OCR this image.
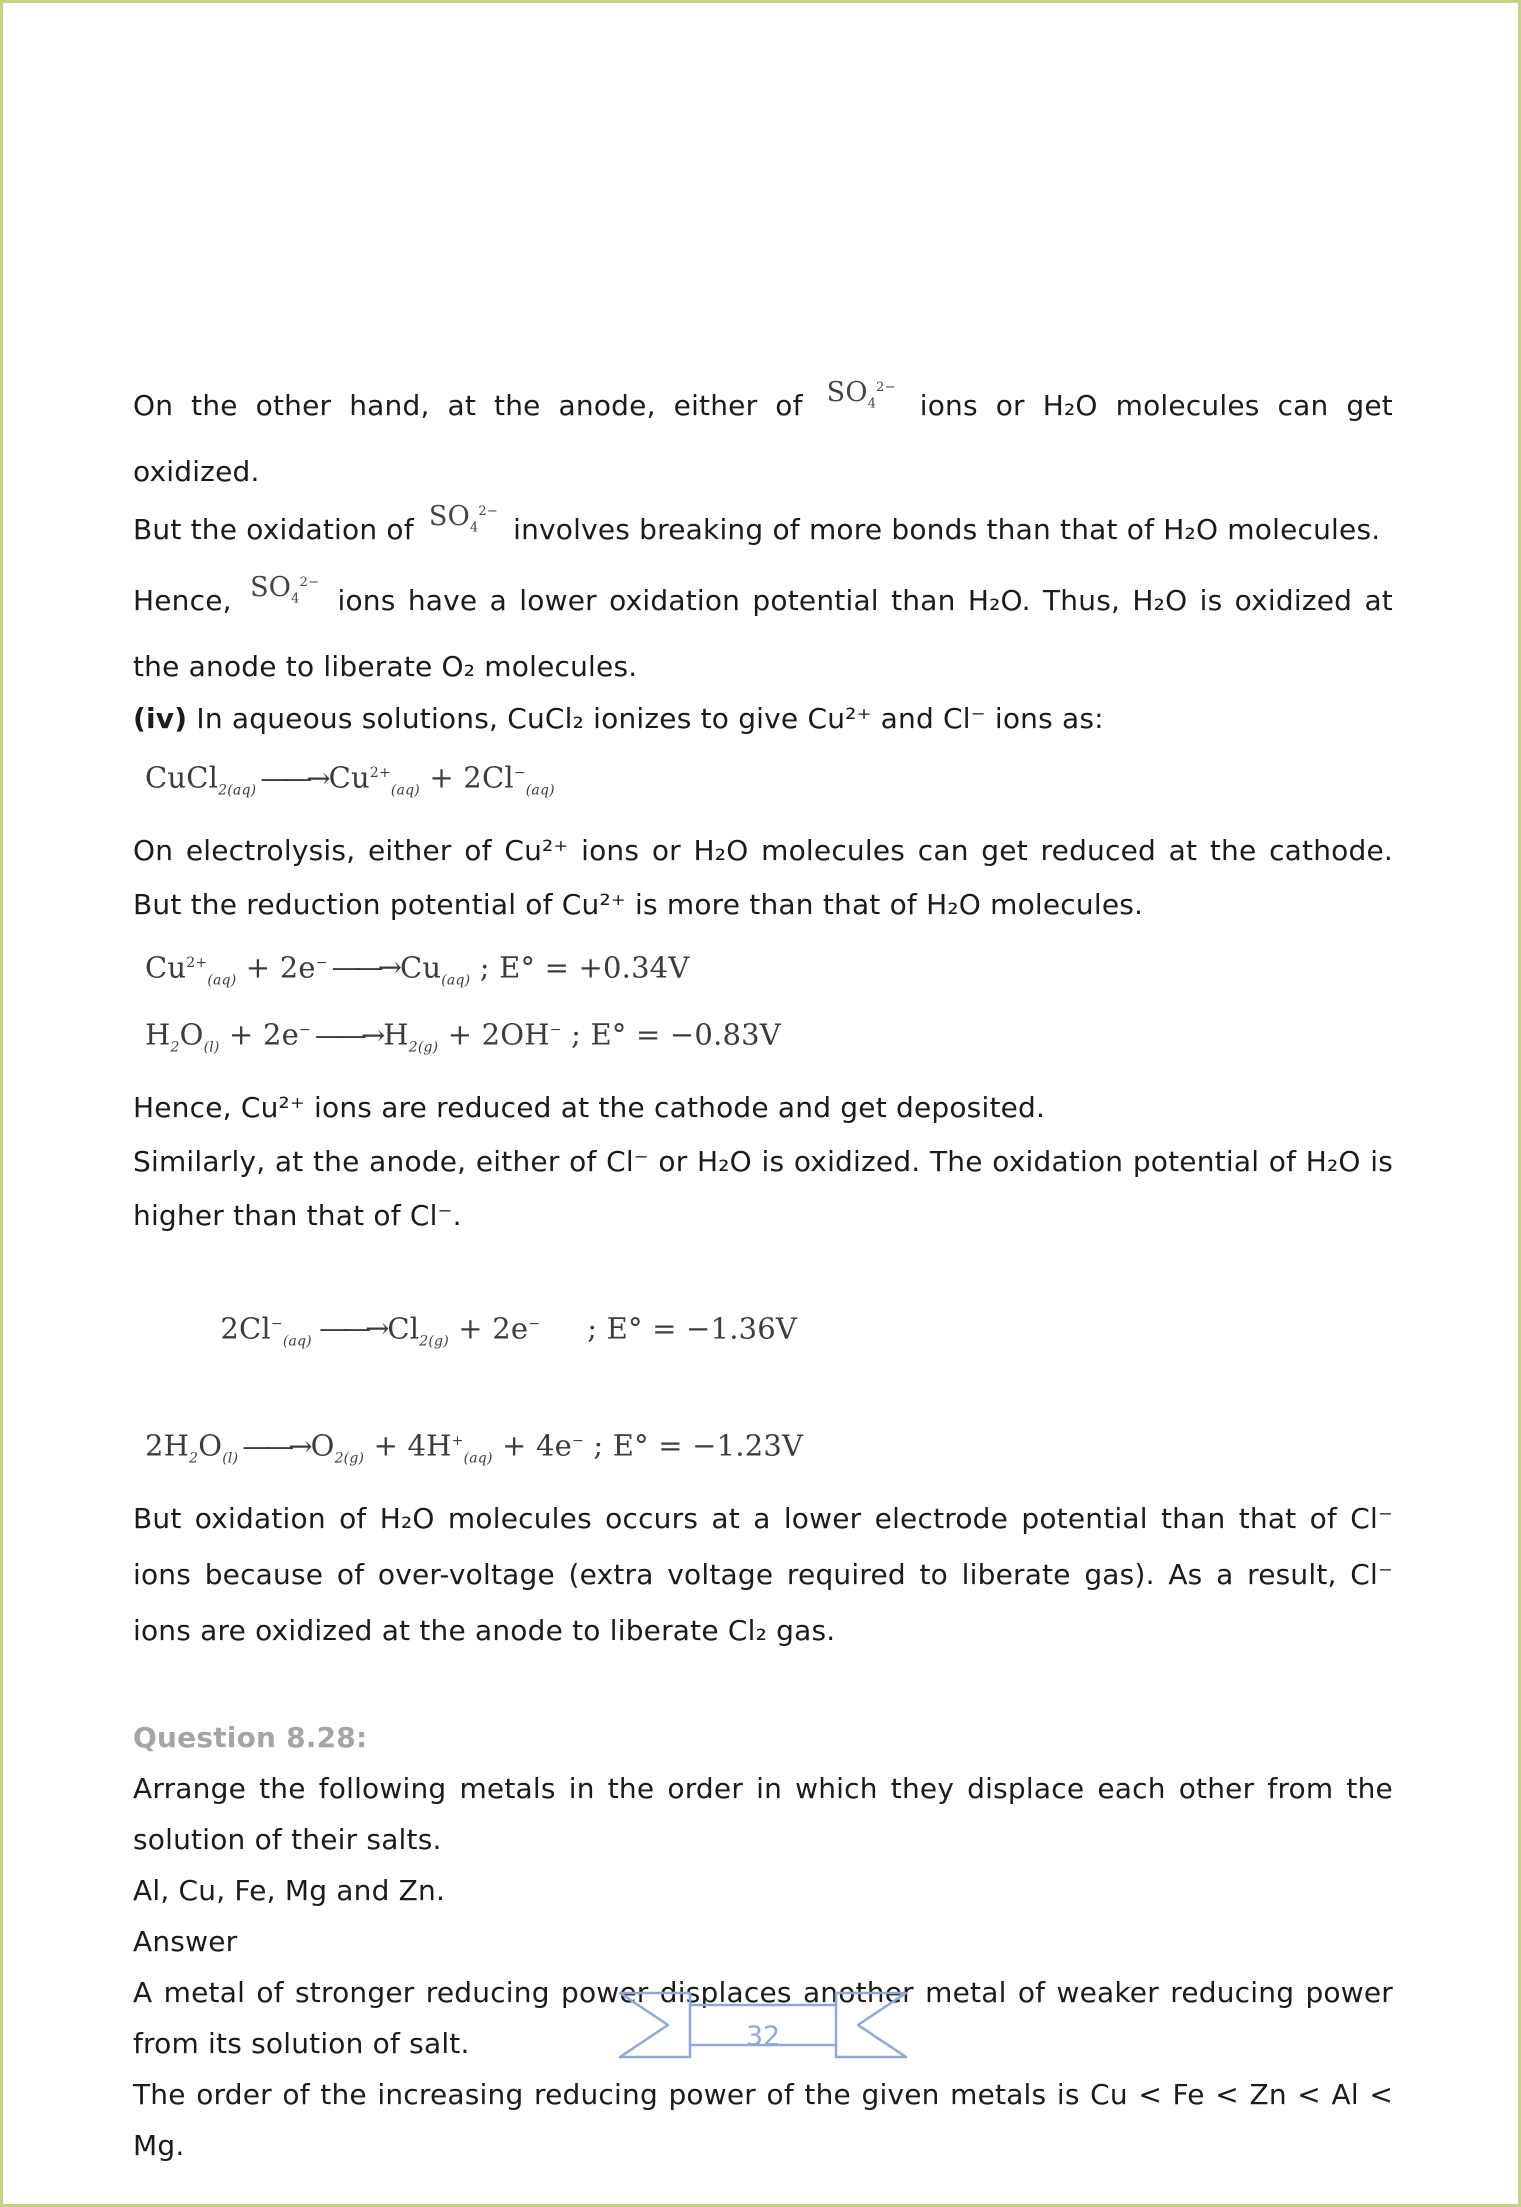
On the other hand, at the anode, either of $SO_4^{2-}$ ions or H₂O molecules can get oxidized.

But the oxidation of $SO_4^{2-}$ involves breaking of more bonds than that of H₂O molecules.

Hence, $SO_4^{2-}$ ions have a lower oxidation potential than H₂O. Thus, H₂O is oxidized at the anode to liberate O₂ molecules.

(iv) In aqueous solutions, CuCl₂ ionizes to give Cu²⁺ and Cl⁻ ions as:

CuCl$_{2(aq)}$ ——→ $Cu^{2+}_{(aq)} + 2Cl^-_{(aq)}$

On electrolysis, either of Cu²⁺ ions or H₂O molecules can get reduced at the cathode. But the reduction potential of Cu²⁺ is more than that of H₂O molecules.

$Cu^{2+}_{(aq)}$ + 2e−——→ $Cu_{(aq)}$ ; E° = +0.34V
$H_2O_{(l)}$ + 2e−——→ $H_{2(g)} + 2OH^-$ ; E° = −0.83V

Hence, Cu²⁺ ions are reduced at the cathode and get deposited.

Similarly, at the anode, either of Cl⁻ or H₂O is oxidized. The oxidation potential of H₂O is higher than that of Cl⁻.

$2Cl^-_{(aq)}$ ——→ $Cl_{2(g)} + 2e^-$     ; E° = −1.36V

$2H_2O_{(l)}——\to O_{2(g)} + 4H^+_{(aq)} + 4e^-$ ; E° = −1.23V

But oxidation of H₂O molecules occurs at a lower electrode potential than that of Cl⁻ ions because of over-voltage (extra voltage required to liberate gas). As a result, Cl⁻ ions are oxidized at the anode to liberate Cl₂ gas.

Question 8.28:

Arrange the following metals in the order in which they displace each other from the solution of their salts.

Al, Cu, Fe, Mg and Zn.

Answer

A metal of stronger reducing power displaces another metal of weaker reducing power from its solution of salt.

The order of the increasing reducing power of the given metals is Cu < Fe < Zn < Al < Mg.

32
